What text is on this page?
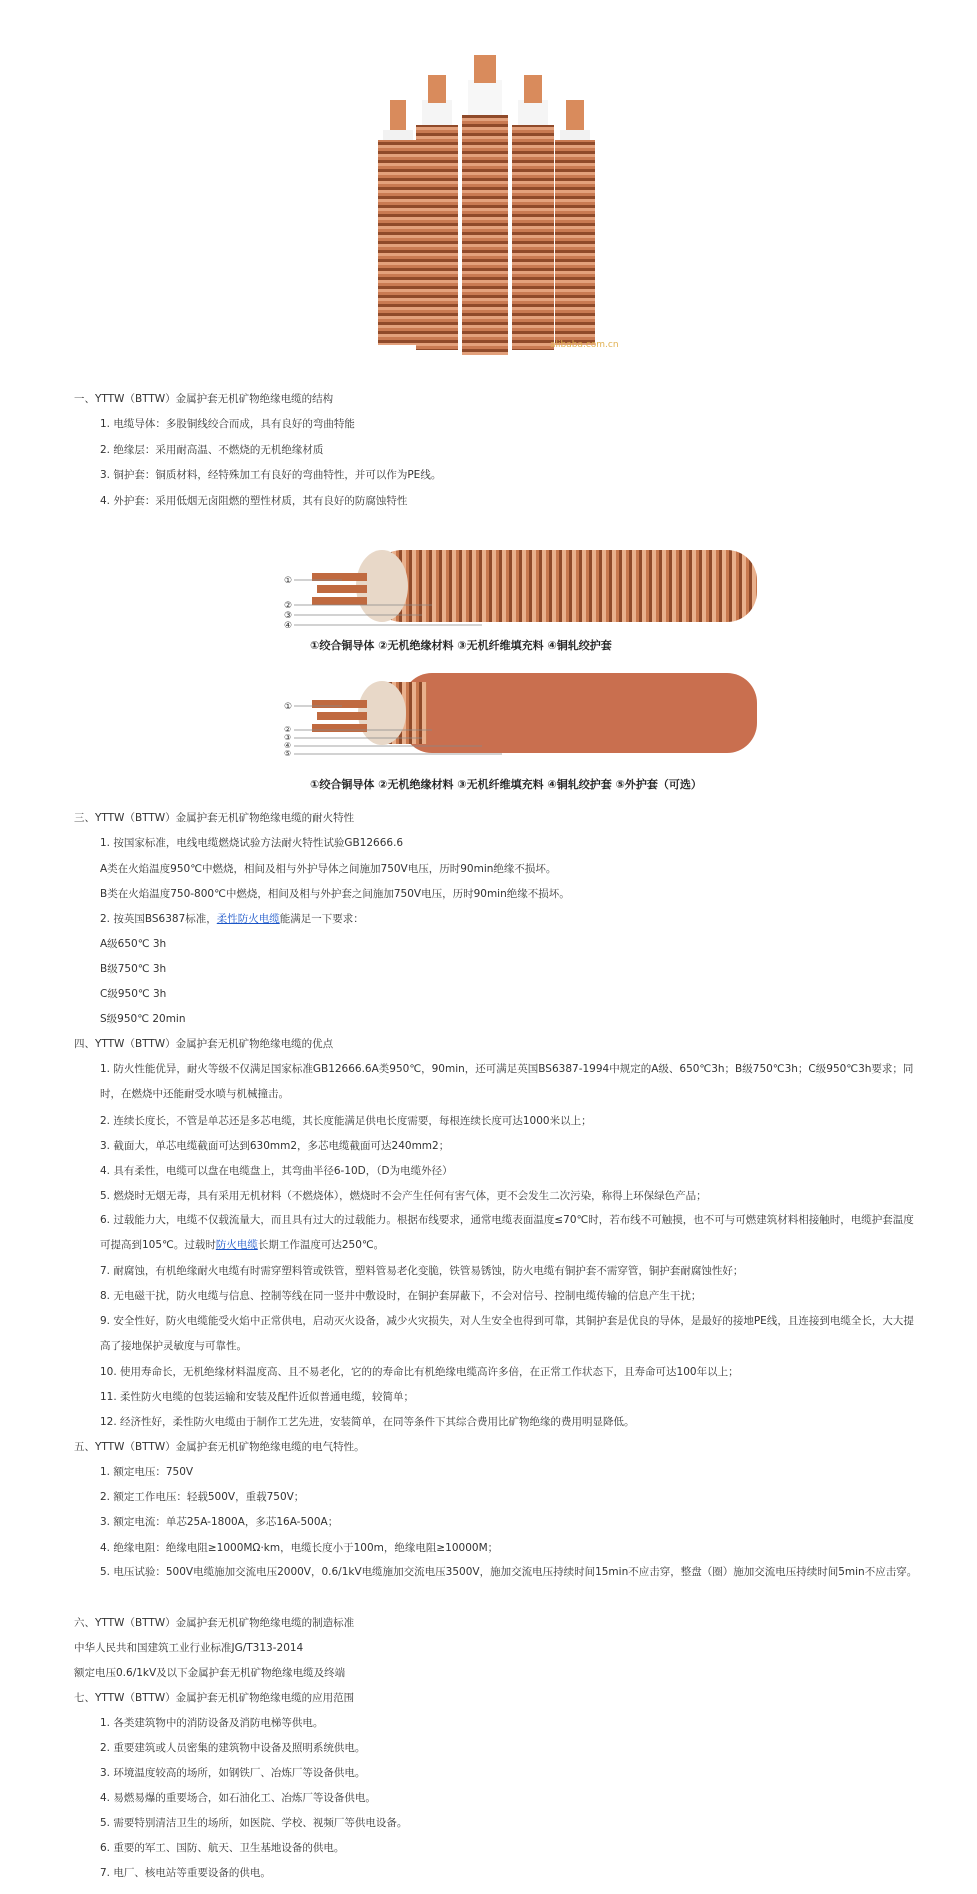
alibaba.com.cn
一、YTTW（BTTW）金属护套无机矿物绝缘电缆的结构
1. 电缆导体：多股铜线绞合而成，具有良好的弯曲特能
2. 绝缘层：采用耐高温、不燃烧的无机绝缘材质
3. 铜护套：铜质材料，经特殊加工有良好的弯曲特性，并可以作为PE线。
4. 外护套：采用低烟无卤阻燃的塑性材质，其有良好的防腐蚀特性
①
②
③
④
①绞合铜导体 ②无机绝缘材料 ③无机纤维填充料 ④铜轧绞护套
①
②
③
④
⑤
①绞合铜导体 ②无机绝缘材料 ③无机纤维填充料 ④铜轧绞护套 ⑤外护套（可选）
三、YTTW（BTTW）金属护套无机矿物绝缘电缆的耐火特性
1. 按国家标准，电线电缆燃烧试验方法耐火特性试验GB12666.6
A类在火焰温度950℃中燃烧，相间及相与外护导体之间施加750V电压，历时90min绝缘不损坏。
B类在火焰温度750-800℃中燃烧，相间及相与外护套之间施加750V电压，历时90min绝缘不损坏。
2. 按英国BS6387标准，柔性防火电缆能满足一下要求：
A级650℃ 3h
B级750℃ 3h
C级950℃ 3h
S级950℃ 20min
四、YTTW（BTTW）金属护套无机矿物绝缘电缆的优点
1. 防火性能优异，耐火等级不仅满足国家标准GB12666.6A类950℃，90min，还可满足英国BS6387-1994中规定的A级、650℃3h；B级750℃3h；C级950℃3h要求；同时，在燃烧中还能耐受水喷与机械撞击。
2. 连续长度长，不管是单芯还是多芯电缆，其长度能满足供电长度需要，每根连续长度可达1000米以上；
3. 截面大，单芯电缆截面可达到630mm2，多芯电缆截面可达240mm2；
4. 具有柔性，电缆可以盘在电缆盘上，其弯曲半径6-10D，（D为电缆外径）
5. 燃烧时无烟无毒，具有采用无机材料（不燃烧体），燃烧时不会产生任何有害气体，更不会发生二次污染，称得上环保绿色产品；
6. 过载能力大，电缆不仅载流量大，而且具有过大的过载能力。根据布线要求，通常电缆表面温度≤70℃时，若布线不可触摸，也不可与可燃建筑材料相接触时，电缆护套温度可提高到105℃。过载时防火电缆长期工作温度可达250℃。
7. 耐腐蚀，有机绝缘耐火电缆有时需穿塑料管或铁管，塑料管易老化变脆，铁管易锈蚀，防火电缆有铜护套不需穿管，铜护套耐腐蚀性好；
8. 无电磁干扰，防火电缆与信息、控制等线在同一竖井中敷设时，在铜护套屏蔽下，不会对信号、控制电缆传输的信息产生干扰；
9. 安全性好，防火电缆能受火焰中正常供电，启动灭火设备，减少火灾损失，对人生安全也得到可靠，其铜护套是优良的导体，是最好的接地PE线，且连接到电缆全长，大大提高了接地保护灵敏度与可靠性。
10. 使用寿命长，无机绝缘材料温度高、且不易老化，它的的寿命比有机绝缘电缆高许多倍，在正常工作状态下，且寿命可达100年以上；
11. 柔性防火电缆的包装运输和安装及配件近似普通电缆，较简单；
12. 经济性好，柔性防火电缆由于制作工艺先进，安装简单，在同等条件下其综合费用比矿物绝缘的费用明显降低。
五、YTTW（BTTW）金属护套无机矿物绝缘电缆的电气特性。
1. 额定电压：750V
2. 额定工作电压：轻载500V，重载750V；
3. 额定电流：单芯25A-1800A，多芯16A-500A；
4. 绝缘电阻：绝缘电阻≥1000MΩ·km，电缆长度小于100m，绝缘电阻≥10000M；
5. 电压试验：500V电缆施加交流电压2000V，0.6/1kV电缆施加交流电压3500V，施加交流电压持续时间15min不应击穿，整盘（圈）施加交流电压持续时间5min不应击穿。
六、YTTW（BTTW）金属护套无机矿物绝缘电缆的制造标准
中华人民共和国建筑工业行业标准JG/T313-2014
额定电压0.6/1kV及以下金属护套无机矿物绝缘电缆及终端
七、YTTW（BTTW）金属护套无机矿物绝缘电缆的应用范围
1. 各类建筑物中的消防设备及消防电梯等供电。
2. 重要建筑或人员密集的建筑物中设备及照明系统供电。
3. 环境温度较高的场所，如钢铁厂、冶炼厂等设备供电。
4. 易燃易爆的重要场合，如石油化工、冶炼厂等设备供电。
5. 需要特别清洁卫生的场所，如医院、学校、视频厂等供电设备。
6. 重要的军工、国防、航天、卫生基地设备的供电。
7. 电厂、核电站等重要设备的供电。
